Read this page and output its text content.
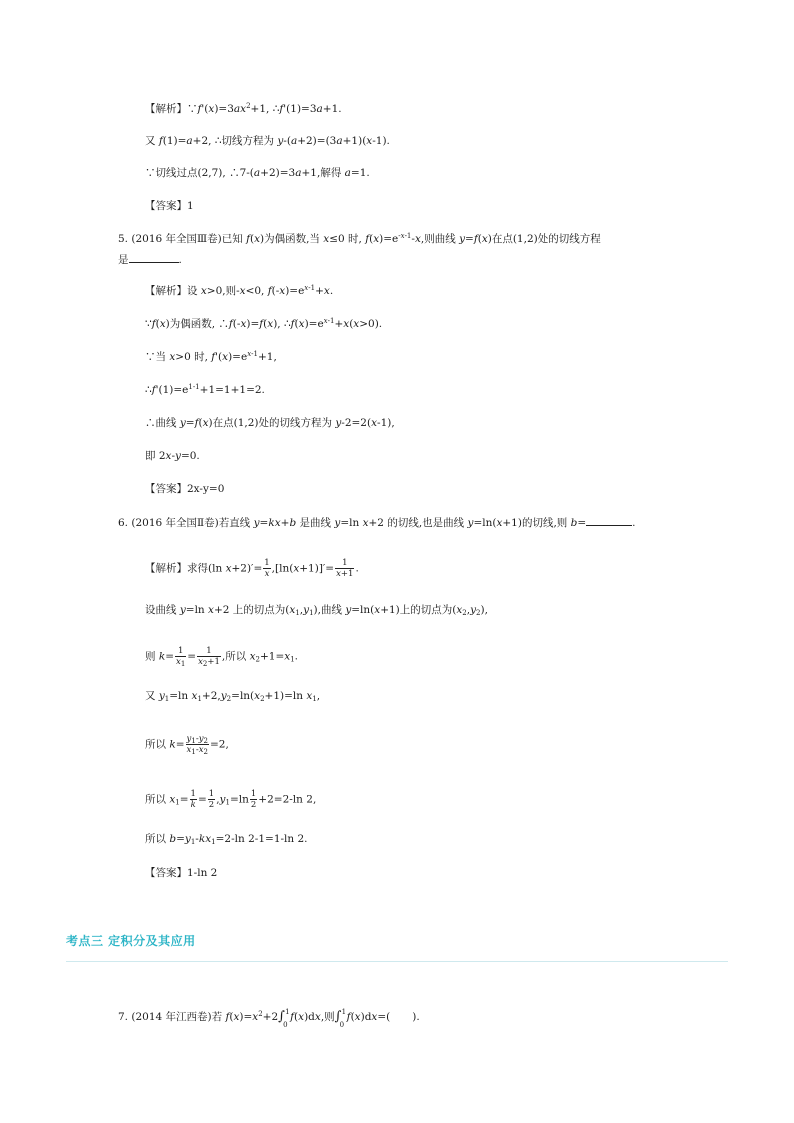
【解析】$\because f'(x)=3ax^2+1$, ∴f'(1)=3a+1.
又 f(1)=a+2, ∴切线方程为 y-(a+2)=(3a+1)(x-1).
∵切线过点(2,7), ∴7-(a+2)=3a+1,解得 a=1.
【答案】1
5. (2016 年全国Ⅲ卷)已知 f(x)为偶函数,当 x≤0 时, $f(x)=e^{-x-1}-x$,则曲线 y=f(x)在点(1,2)处的切线方程
是	.
【解析】设 x>0,则-x<0, $f(-x)=e^{x-1}+x$.
∵f(x)为偶函数, ∴f(-x)=f(x), $\therefore f(x)=e^{x-1}+x(x>0)$.
∵当 x>0 时, $f'(x)=e^{x-1}+1$,
$\therefore f'(1)=e^{1-1}+1=1+1=2$.
∴曲线 y=f(x)在点(1,2)处的切线方程为 y-2=2(x-1),
即 2x-y=0.
【答案】2x-y=0
6. (2016 年全国Ⅱ卷)若直线 y=kx+b 是曲线 y=ln x+2 的切线,也是曲线 y=ln(x+1)的切线,则 b=	.
【解析】求得(ln $x+2)'= \frac{1}{x} ,[\ln(x+1)]'= \frac{1}{x+1}$ .
设曲线 y=ln x+2 上的切点为$(x_1,y_1)$,曲线 y=ln(x+1)上的切点为$(x_2,y_2)$,
则 $k= \frac{1}{x_1} = \frac{1}{x_2+1}$ ,所以 $x_2+1=x_1$.
又 $y_1=\ln$ $x_1+2,y_2=\ln(x_2+1)=\ln$ $x_1$,
所以 $k= \frac{y_1-y_2}{x_1-x_2} =2$,
所以 $x_1= \frac{1}{k} = \frac{1}{2} ,y_1=\ln \frac{1}{2} +2=2-\ln$ 2,
所以 $b=y_1-kx_1=2-\ln$ 2-1=1-ln 2.
【答案】1-ln 2
考点三 定积分及其应用
7. (2014 年江西卷)若 $f(x)=x^2+2\int$ 1
0
f(x)dx,则∫ 1
0
f(x)dx=( ).
